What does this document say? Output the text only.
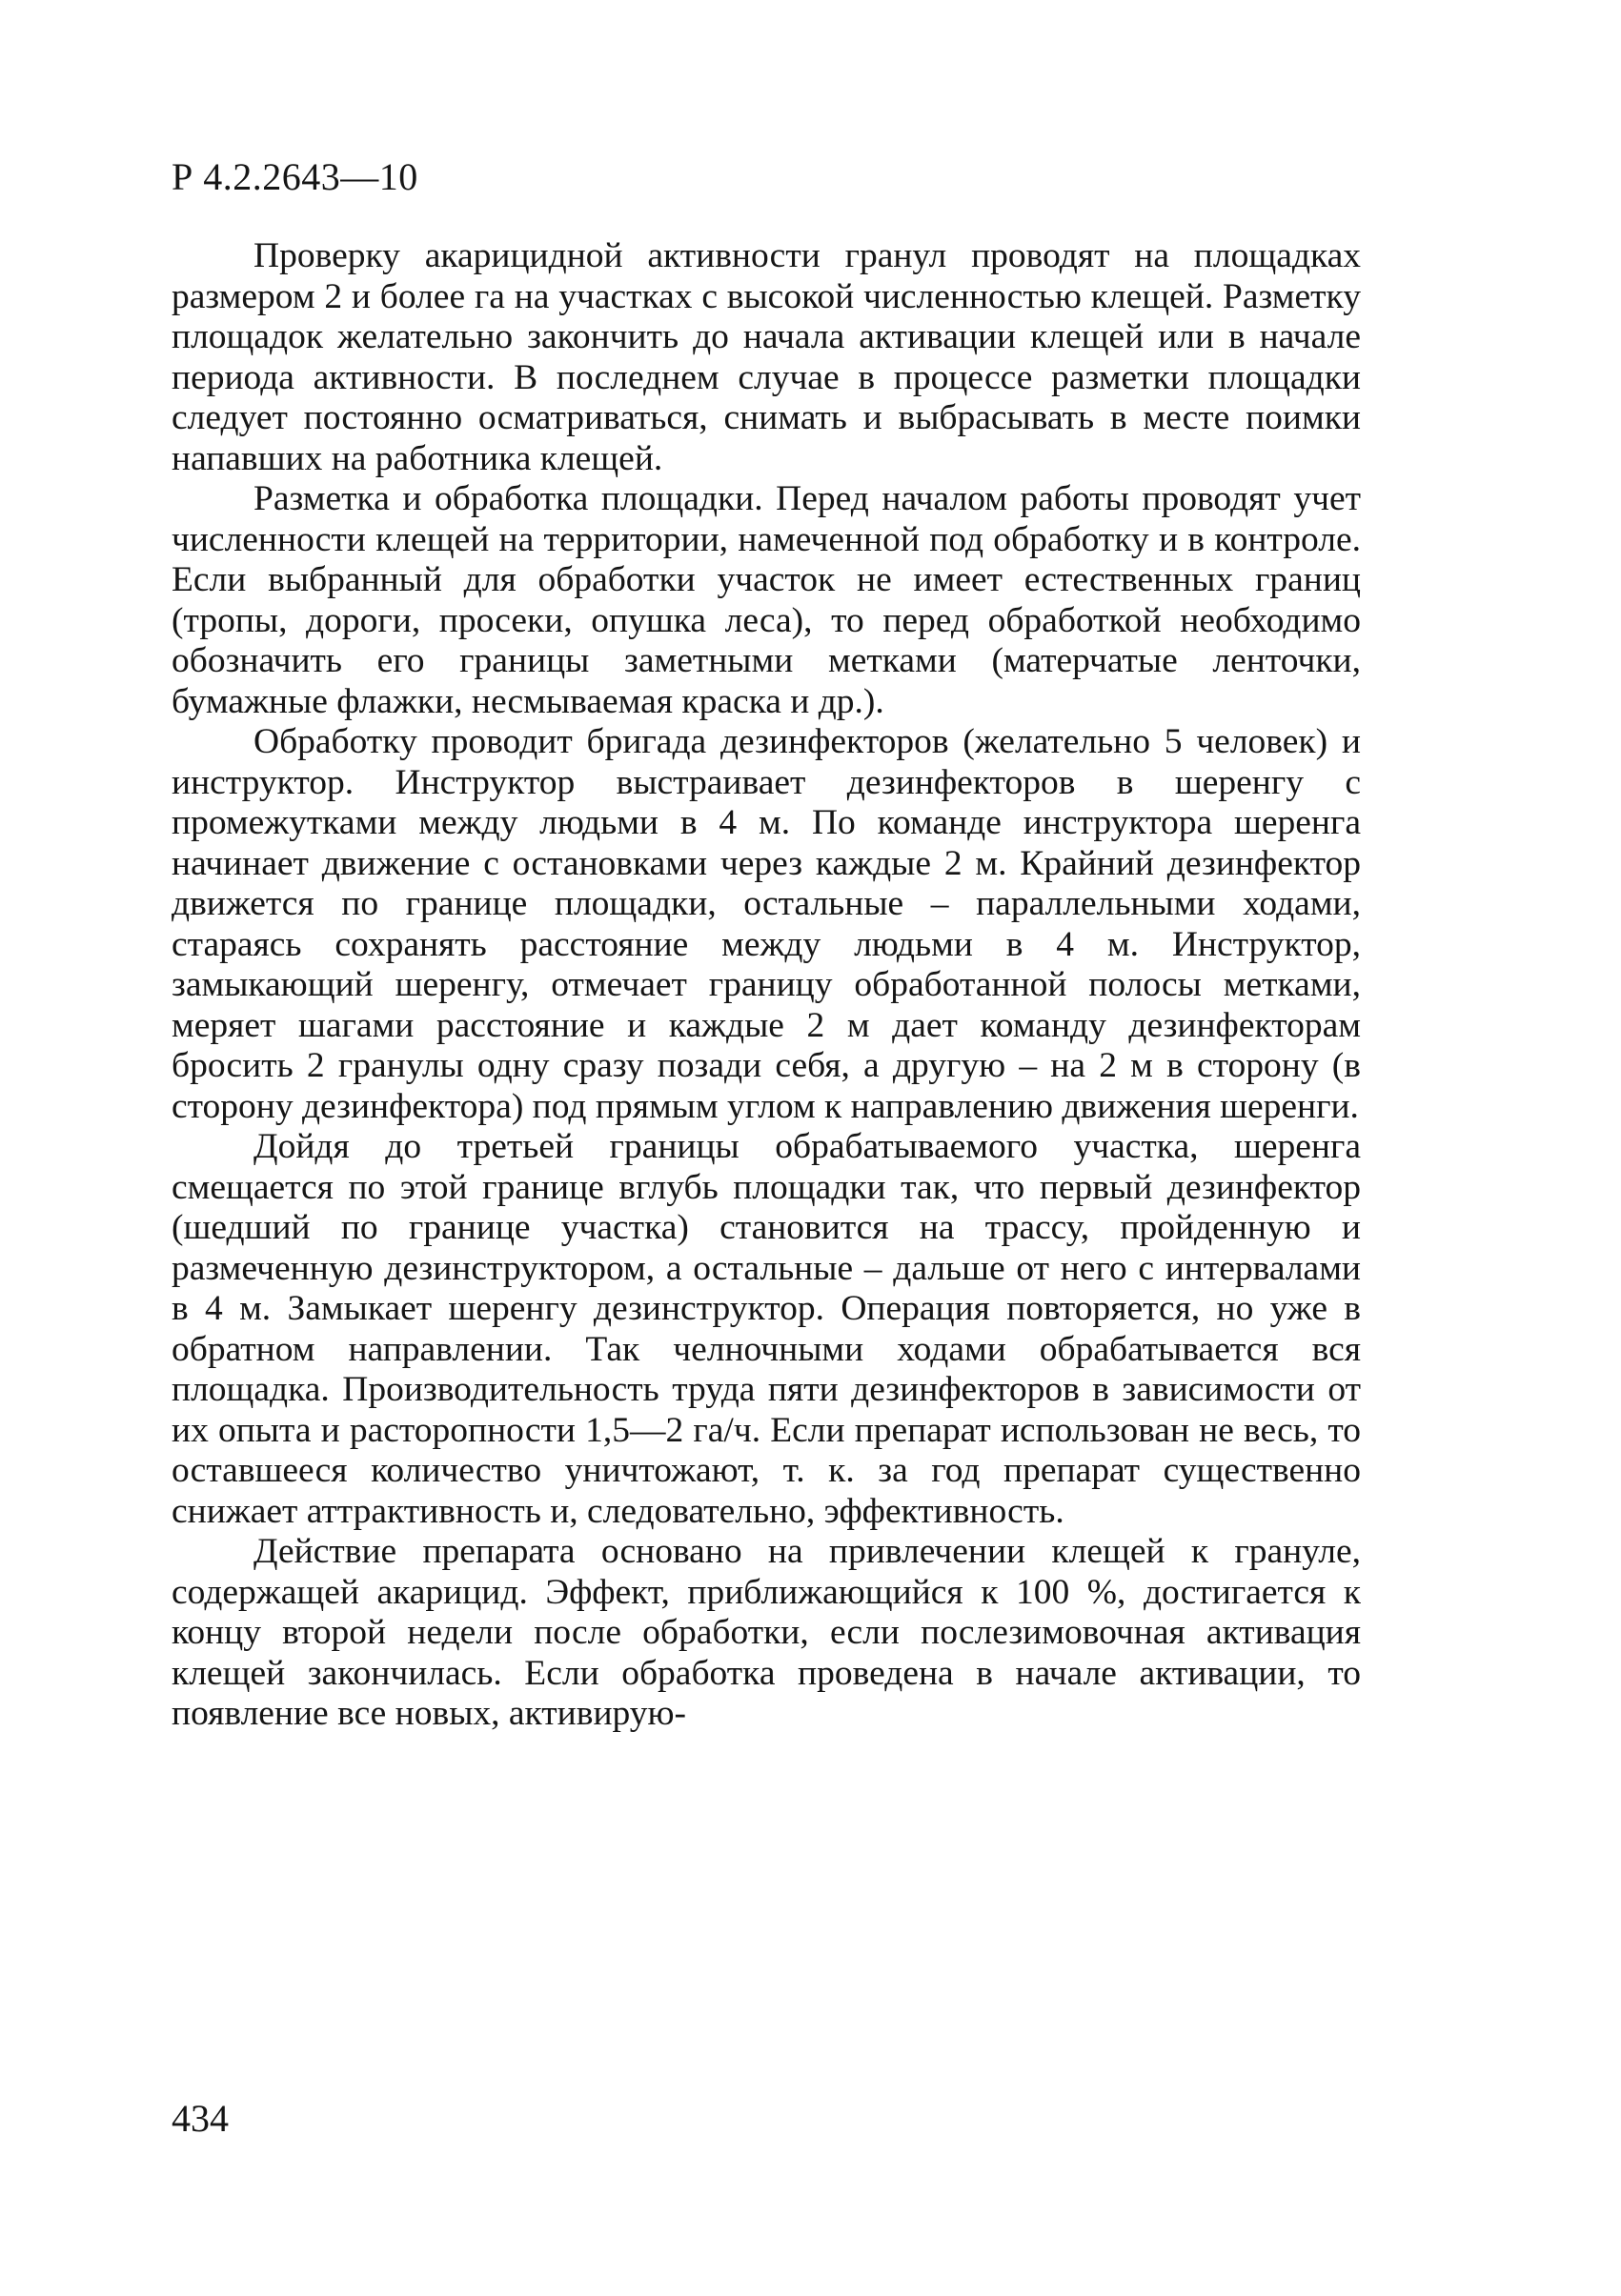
Р 4.2.2643—10

Проверку акарицидной активности гранул проводят на площадках размером 2 и более га на участках с высокой численностью клещей. Разметку площадок желательно закончить до начала активации клещей или в начале периода активности. В последнем случае в процессе разметки площадки следует постоянно осматриваться, снимать и выбрасывать в месте поимки напавших на работника клещей.

Разметка и обработка площадки. Перед началом работы проводят учет численности клещей на территории, намеченной под обработку и в контроле. Если выбранный для обработки участок не имеет естественных границ (тропы, дороги, просеки, опушка леса), то перед обработкой необходимо обозначить его границы заметными метками (матерчатые ленточки, бумажные флажки, несмываемая краска и др.).

Обработку проводит бригада дезинфекторов (желательно 5 человек) и инструктор. Инструктор выстраивает дезинфекторов в шеренгу с промежутками между людьми в 4 м. По команде инструктора шеренга начинает движение с остановками через каждые 2 м. Крайний дезинфектор движется по границе площадки, остальные – параллельными ходами, стараясь сохранять расстояние между людьми в 4 м. Инструктор, замыкающий шеренгу, отмечает границу обработанной полосы метками, меряет шагами расстояние и каждые 2 м дает команду дезинфекторам бросить 2 гранулы одну сразу позади себя, а другую – на 2 м в сторону (в сторону дезинфектора) под прямым углом к направлению движения шеренги.

Дойдя до третьей границы обрабатываемого участка, шеренга смещается по этой границе вглубь площадки так, что первый дезинфектор (шедший по границе участка) становится на трассу, пройденную и размеченную дезинструктором, а остальные – дальше от него с интервалами в 4 м. Замыкает шеренгу дезинструктор. Операция повторяется, но уже в обратном направлении. Так челночными ходами обрабатывается вся площадка. Производительность труда пяти дезинфекторов в зависимости от их опыта и расторопности 1,5—2 га/ч. Если препарат использован не весь, то оставшееся количество уничтожают, т. к. за год препарат существенно снижает аттрактивность и, следовательно, эффективность.

Действие препарата основано на привлечении клещей к грануле, содержащей акарицид. Эффект, приближающийся к 100 %, достигается к концу второй недели после обработки, если послезимовочная активация клещей закончилась. Если обработка проведена в начале активации, то появление все новых, активирую-

434
